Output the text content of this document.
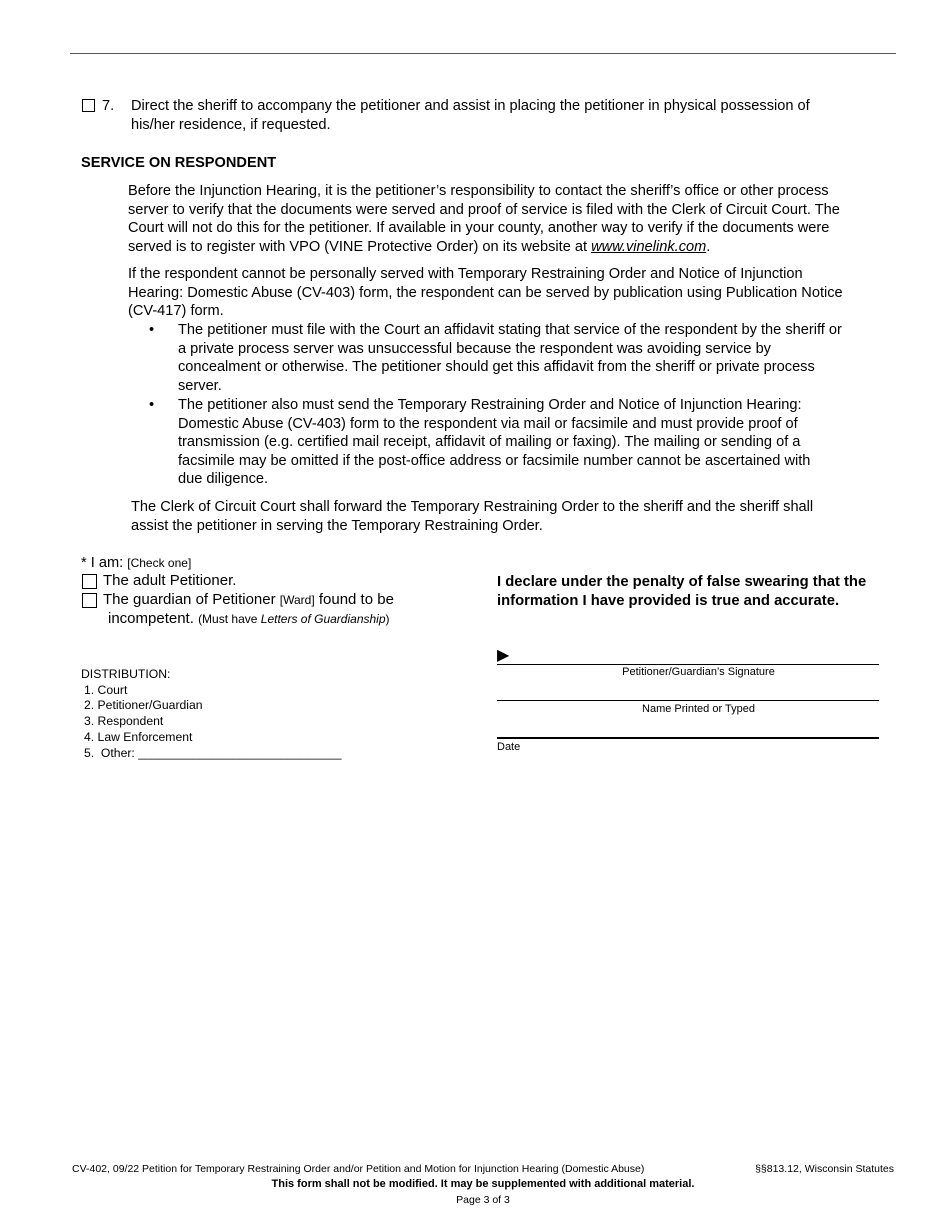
7. Direct the sheriff to accompany the petitioner and assist in placing the petitioner in physical possession of
his/her residence, if requested.
SERVICE ON RESPONDENT
Before the Injunction Hearing, it is the petitioner’s responsibility to contact the sheriff’s office or other process
server to verify that the documents were served and proof of service is filed with the Clerk of Circuit Court. The
Court will not do this for the petitioner. If available in your county, another way to verify if the documents were
served is to register with VPO (VINE Protective Order) on its website at www.vinelink.com.
If the respondent cannot be personally served with Temporary Restraining Order and Notice of Injunction
Hearing: Domestic Abuse (CV-403) form, the respondent can be served by publication using Publication Notice
(CV-417) form.
• The petitioner must file with the Court an affidavit stating that service of the respondent by the sheriff or
a private process server was unsuccessful because the respondent was avoiding service by
concealment or otherwise. The petitioner should get this affidavit from the sheriff or private process
server.
• The petitioner also must send the Temporary Restraining Order and Notice of Injunction Hearing:
Domestic Abuse (CV-403) form to the respondent via mail or facsimile and must provide proof of
transmission (e.g. certified mail receipt, affidavit of mailing or faxing). The mailing or sending of a
facsimile may be omitted if the post-office address or facsimile number cannot be ascertained with
due diligence.
The Clerk of Circuit Court shall forward the Temporary Restraining Order to the sheriff and the sheriff shall
assist the petitioner in serving the Temporary Restraining Order.
* I am: [Check one]
The adult Petitioner.
The guardian of Petitioner [Ward] found to be
incompetent. (Must have Letters of Guardianship)
I declare under the penalty of false swearing that the
information I have provided is true and accurate.
▶
Petitioner/Guardian’s Signature
Name Printed or Typed
Date
DISTRIBUTION:
1. Court
2. Petitioner/Guardian
3. Respondent
4. Law Enforcement
5.  Other: ______________________________
CV-402, 09/22 Petition for Temporary Restraining Order and/or Petition and Motion for Injunction Hearing (Domestic Abuse)	§§813.12, Wisconsin Statutes
This form shall not be modified. It may be supplemented with additional material.
Page 3 of 3
